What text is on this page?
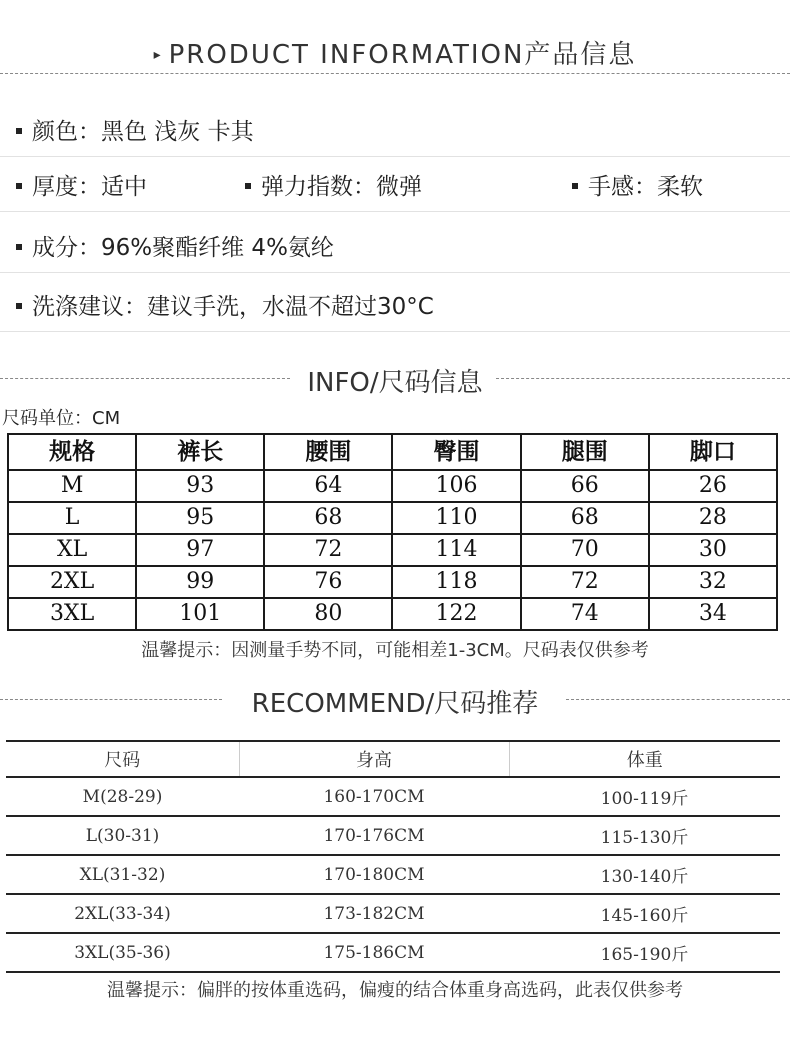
▸ PRODUCT INFORMATION产品信息
颜色：黑色 浅灰 卡其
厚度：适中	弹力指数：微弹	手感：柔软
成分：96%聚酯纤维 4%氨纶
洗涤建议：建议手洗，水温不超过30°C
INFO/尺码信息
尺码单位：CM
规格	裤长	腰围	臀围	腿围	脚口
M	93	64	106	66	26
L	95	68	110	68	28
XL	97	72	114	70	30
2XL	99	76	118	72	32
3XL	101	80	122	74	34
温馨提示：因测量手势不同，可能相差1-3CM。尺码表仅供参考
RECOMMEND/尺码推荐
尺码	身高	体重
M(28-29)	160-170CM	100-119斤
L(30-31)	170-176CM	115-130斤
XL(31-32)	170-180CM	130-140斤
2XL(33-34)	173-182CM	145-160斤
3XL(35-36)	175-186CM	165-190斤
温馨提示：偏胖的按体重选码，偏瘦的结合体重身高选码，此表仅供参考
